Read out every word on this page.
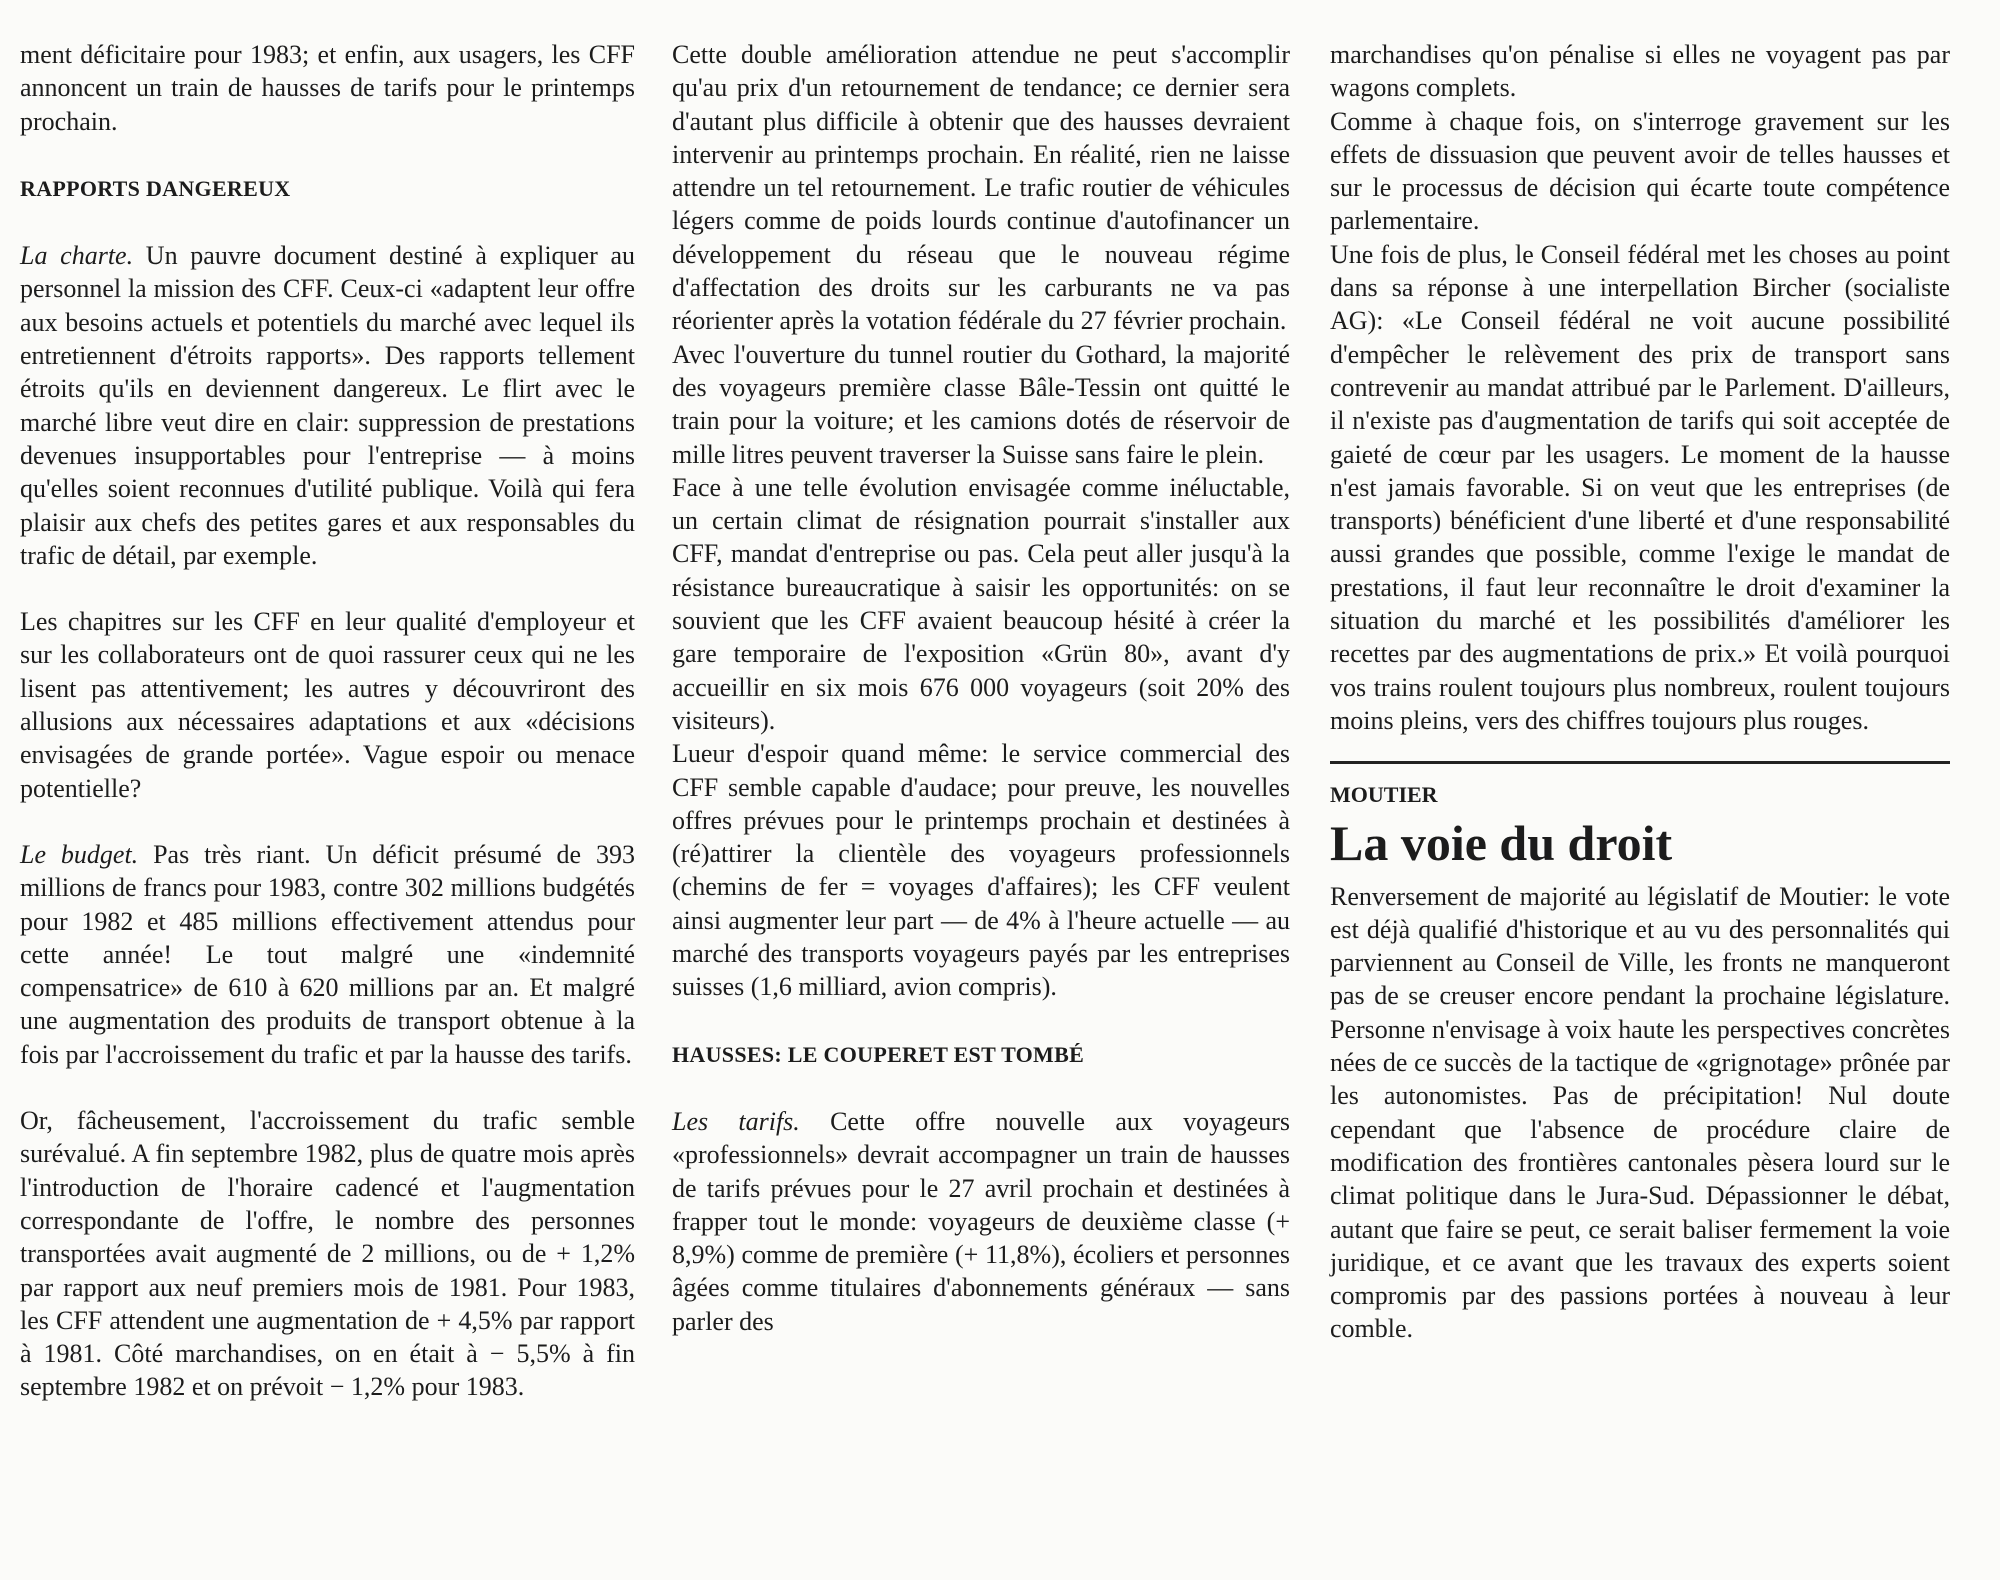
ment déficitaire pour 1983; et enfin, aux usagers, les CFF annoncent un train de hausses de tarifs pour le printemps prochain.

RAPPORTS DANGEREUX

La charte. Un pauvre document destiné à expliquer au personnel la mission des CFF. Ceux-ci «adaptent leur offre aux besoins actuels et potentiels du marché avec lequel ils entretiennent d'étroits rapports». Des rapports tellement étroits qu'ils en deviennent dangereux. Le flirt avec le marché libre veut dire en clair: suppression de prestations devenues insupportables pour l'entreprise — à moins qu'elles soient reconnues d'utilité publique. Voilà qui fera plaisir aux chefs des petites gares et aux responsables du trafic de détail, par exemple.

Les chapitres sur les CFF en leur qualité d'employeur et sur les collaborateurs ont de quoi rassurer ceux qui ne les lisent pas attentivement; les autres y découvriront des allusions aux nécessaires adaptations et aux «décisions envisagées de grande portée». Vague espoir ou menace potentielle?

Le budget. Pas très riant. Un déficit présumé de 393 millions de francs pour 1983, contre 302 millions budgétés pour 1982 et 485 millions effectivement attendus pour cette année! Le tout malgré une «indemnité compensatrice» de 610 à 620 millions par an. Et malgré une augmentation des produits de transport obtenue à la fois par l'accroissement du trafic et par la hausse des tarifs.

Or, fâcheusement, l'accroissement du trafic semble surévalué. A fin septembre 1982, plus de quatre mois après l'introduction de l'horaire cadencé et l'augmentation correspondante de l'offre, le nombre des personnes transportées avait augmenté de 2 millions, ou de + 1,2% par rapport aux neuf premiers mois de 1981. Pour 1983, les CFF attendent une augmentation de + 4,5% par rapport à 1981. Côté marchandises, on en était à − 5,5% à fin septembre 1982 et on prévoit − 1,2% pour 1983.

Cette double amélioration attendue ne peut s'accomplir qu'au prix d'un retournement de tendance; ce dernier sera d'autant plus difficile à obtenir que des hausses devraient intervenir au printemps prochain. En réalité, rien ne laisse attendre un tel retournement. Le trafic routier de véhicules légers comme de poids lourds continue d'autofinancer un développement du réseau que le nouveau régime d'affectation des droits sur les carburants ne va pas réorienter après la votation fédérale du 27 février prochain.

Avec l'ouverture du tunnel routier du Gothard, la majorité des voyageurs première classe Bâle-Tessin ont quitté le train pour la voiture; et les camions dotés de réservoir de mille litres peuvent traverser la Suisse sans faire le plein.

Face à une telle évolution envisagée comme inéluctable, un certain climat de résignation pourrait s'installer aux CFF, mandat d'entreprise ou pas. Cela peut aller jusqu'à la résistance bureaucratique à saisir les opportunités: on se souvient que les CFF avaient beaucoup hésité à créer la gare temporaire de l'exposition «Grün 80», avant d'y accueillir en six mois 676 000 voyageurs (soit 20% des visiteurs).

Lueur d'espoir quand même: le service commercial des CFF semble capable d'audace; pour preuve, les nouvelles offres prévues pour le printemps prochain et destinées à (ré)attirer la clientèle des voyageurs professionnels (chemins de fer = voyages d'affaires); les CFF veulent ainsi augmenter leur part — de 4% à l'heure actuelle — au marché des transports voyageurs payés par les entreprises suisses (1,6 milliard, avion compris).

HAUSSES: LE COUPERET EST TOMBÉ

Les tarifs. Cette offre nouvelle aux voyageurs «professionnels» devrait accompagner un train de hausses de tarifs prévues pour le 27 avril prochain et destinées à frapper tout le monde: voyageurs de deuxième classe (+ 8,9%) comme de première (+ 11,8%), écoliers et personnes âgées comme titulaires d'abonnements généraux — sans parler des

marchandises qu'on pénalise si elles ne voyagent pas par wagons complets.

Comme à chaque fois, on s'interroge gravement sur les effets de dissuasion que peuvent avoir de telles hausses et sur le processus de décision qui écarte toute compétence parlementaire.

Une fois de plus, le Conseil fédéral met les choses au point dans sa réponse à une interpellation Bircher (socialiste AG): «Le Conseil fédéral ne voit aucune possibilité d'empêcher le relèvement des prix de transport sans contrevenir au mandat attribué par le Parlement. D'ailleurs, il n'existe pas d'augmentation de tarifs qui soit acceptée de gaieté de cœur par les usagers. Le moment de la hausse n'est jamais favorable. Si on veut que les entreprises (de transports) bénéficient d'une liberté et d'une responsabilité aussi grandes que possible, comme l'exige le mandat de prestations, il faut leur reconnaître le droit d'examiner la situation du marché et les possibilités d'améliorer les recettes par des augmentations de prix.» Et voilà pourquoi vos trains roulent toujours plus nombreux, roulent toujours moins pleins, vers des chiffres toujours plus rouges.

MOUTIER

La voie du droit

Renversement de majorité au législatif de Moutier: le vote est déjà qualifié d'historique et au vu des personnalités qui parviennent au Conseil de Ville, les fronts ne manqueront pas de se creuser encore pendant la prochaine législature. Personne n'envisage à voix haute les perspectives concrètes nées de ce succès de la tactique de «grignotage» prônée par les autonomistes. Pas de précipitation! Nul doute cependant que l'absence de procédure claire de modification des frontières cantonales pèsera lourd sur le climat politique dans le Jura-Sud. Dépassionner le débat, autant que faire se peut, ce serait baliser fermement la voie juridique, et ce avant que les travaux des experts soient compromis par des passions portées à nouveau à leur comble.
